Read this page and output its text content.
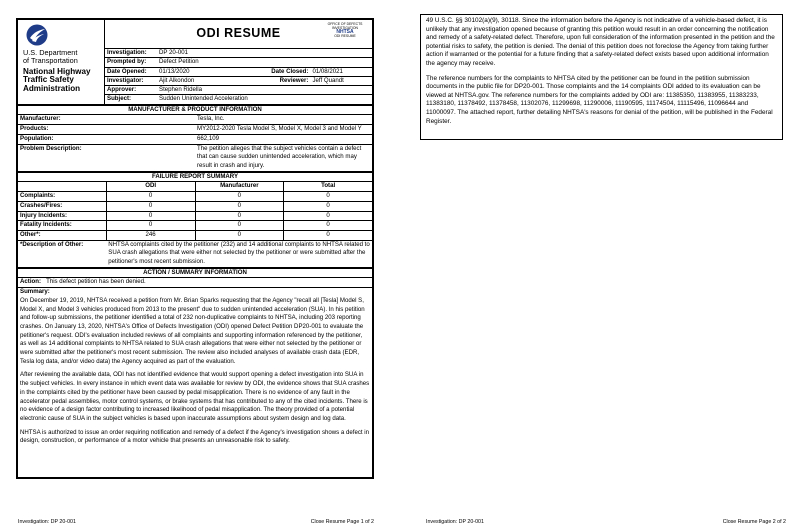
U.S. Department
of Transportation
National Highway
Traffic Safety
Administration

ODI RESUME
OFFICE OF DEFECTS INVESTIGATION
NHTSA
ODI RESUME
Investigation:	DP 20-001		
Prompted by:	Defect Petition		
Date Opened:	01/13/2020	Date Closed:	01/08/2021
Investigator:	Ajit Alkondon	Reviewer:	Jeff Quandt
Approver:	Stephen Ridella		
Subject:	Sudden Unintended Acceleration
MANUFACTURER & PRODUCT INFORMATION	
Manufacturer:	Tesla, Inc.
Products:	MY2012-2020 Tesla Model S, Model X, Model 3 and Model Y
Population:	662,109
Problem Description:	The petition alleges that the subject vehicles contain a defect that can cause sudden unintended acceleration, which may result in crash and injury.
FAILURE REPORT SUMMARY			
	ODI	Manufacturer	Total
Complaints:	0	0	0
Crashes/Fires:	0	0	0
Injury Incidents:	0	0	0
Fatality Incidents:	0	0	0
Other*:	246	0	0
*Description of Other:	NHTSA complaints cited by the petitioner (232) and 14 additional complaints to NHTSA related to SUA crash allegations that were either not selected by the petitioner or were submitted after the petitioner's most recent submission.		
ACTION / SUMMARY INFORMATION
Action: This defect petition has been denied.

Summary:

On December 19, 2019, NHTSA received a petition from Mr. Brian Sparks requesting that the Agency "recall all [Tesla] Model S, Model X, and Model 3 vehicles produced from 2013 to the present" due to sudden unintended acceleration (SUA). In his petition and follow-up submissions, the petitioner identified a total of 232 non-duplicative complaints to NHTSA, including 203 reporting crashes. On January 13, 2020, NHTSA's Office of Defects Investigation (ODI) opened Defect Petition DP20-001 to evaluate the petitioner's request. ODI's evaluation included reviews of all complaints and supporting information referenced by the petitioner, as well as 14 additional complaints to NHTSA related to SUA crash allegations that were either not selected by the petitioner or were submitted after the petitioner's most recent submission. The review also included analyses of available crash data (EDR, Tesla log data, and/or video data) the Agency acquired as part of the evaluation.

After reviewing the available data, ODI has not identified evidence that would support opening a defect investigation into SUA in the subject vehicles. In every instance in which event data was available for review by ODI, the evidence shows that SUA crashes in the complaints cited by the petitioner have been caused by pedal misapplication. There is no evidence of any fault in the accelerator pedal assemblies, motor control systems, or brake systems that has contributed to any of the cited incidents. There is no evidence of a design factor contributing to increased likelihood of pedal misapplication. The theory provided of a potential electronic cause of SUA in the subject vehicles is based upon inaccurate assumptions about system design and log data.

NHTSA is authorized to issue an order requiring notification and remedy of a defect if the Agency's investigation shows a defect in design, construction, or performance of a motor vehicle that presents an unreasonable risk to safety.

Investigation: DP 20-001	Close Resume Page 1 of 2

49 U.S.C. §§ 30102(a)(9), 30118. Since the information before the Agency is not indicative of a vehicle-based defect, it is unlikely that any investigation opened because of granting this petition would result in an order concerning the notification and remedy of a safety-related defect. Therefore, upon full consideration of the information presented in the petition and the potential risks to safety, the petition is denied. The denial of this petition does not foreclose the Agency from taking further action if warranted or the potential for a future finding that a safety-related defect exists based upon additional information the agency may receive.

The reference numbers for the complaints to NHTSA cited by the petitioner can be found in the petition submission documents in the public file for DP20-001. Those complaints and the 14 complaints ODI added to its evaluation can be viewed at NHTSA.gov. The reference numbers for the complaints added by ODI are: 11385350, 11383955, 11383233, 11383180, 11378492, 11378458, 11302076, 11299698, 11290006, 11190595, 11174504, 11115496, 11096644 and 11000097. The attached report, further detailing NHTSA's reasons for denial of the petition, will be published in the Federal Register.

Investigation: DP 20-001	Close Resume Page 2 of 2
